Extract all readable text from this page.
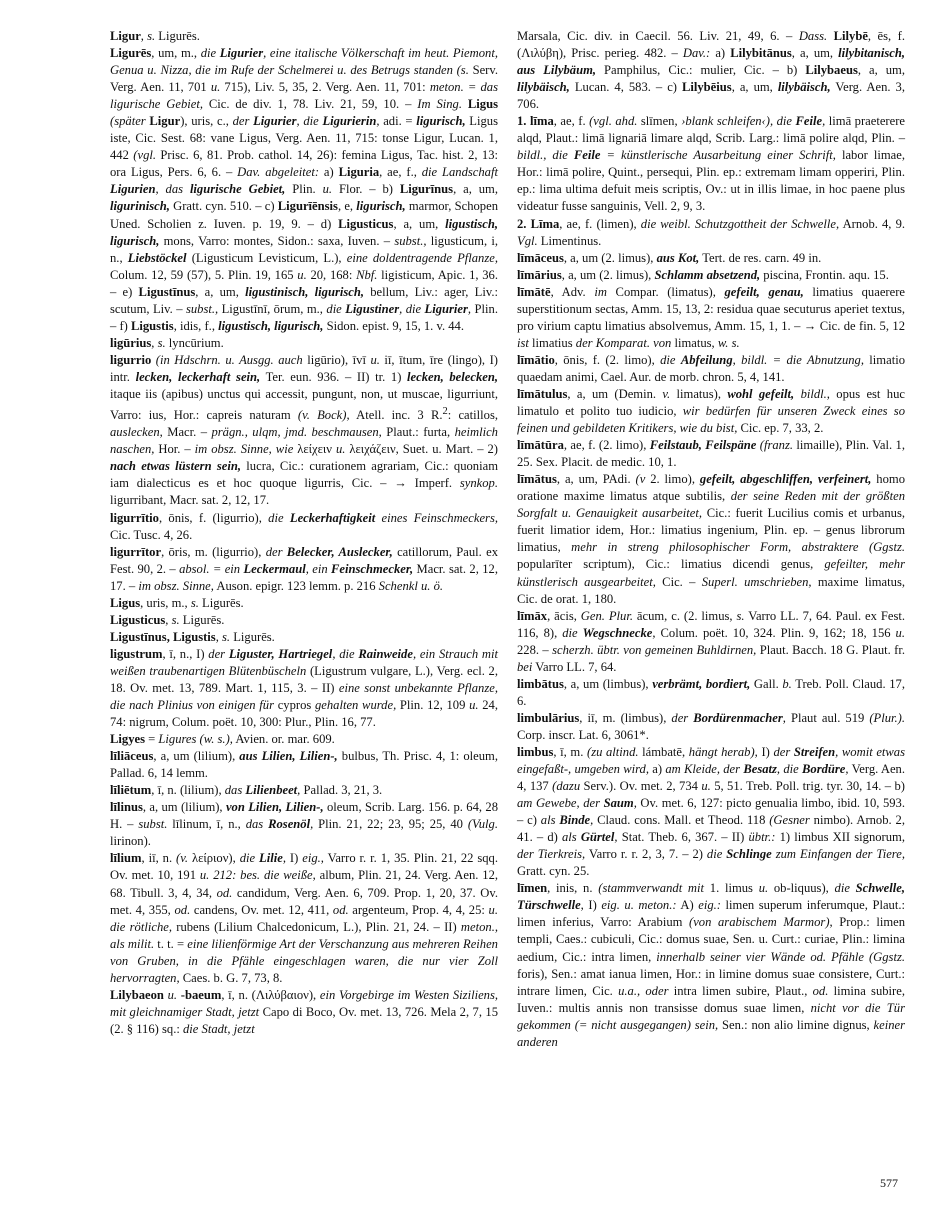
Ligur, s. Ligurēs.

Ligurēs, um, m., die Ligurier, eine italische Völkerschaft im heut. Piemont, Genua u. Nizza, die im Rufe der Schelmerei u. des Betrugs standen (s. Serv. Verg. Aen. 11, 701 u. 715), Liv. 5, 35, 2. Verg. Aen. 11, 701: meton. = das ligurische Gebiet, Cic. de div. 1, 78. Liv. 21, 59, 10. – Im Sing. Ligus (später Ligur), uris, c., der Ligurier, die Ligurierin, adi. = ligurisch, Ligus iste, Cic. Sest. 68: vane Ligus, Verg. Aen. 11, 715: tonse Ligur, Lucan. 1, 442 (vgl. Prisc. 6, 81. Prob. cathol. 14, 26): femina Ligus, Tac. hist. 2, 13: ora Ligus, Pers. 6, 6. – Dav. abgeleitet: a) Liguria, ae, f., die Landschaft Ligurien, das ligurische Gebiet, Plin. u. Flor. – b) Ligurīnus, a, um, ligurinisch, Gratt. cyn. 510. – c) Ligurīēnsis, e, ligurisch, marmor, Schopen Uned. Scholien z. Iuven. p. 19, 9. – d) Ligusticus, a, um, ligustisch, ligurisch, mons, Varro: montes, Sidon.: saxa, Iuven. – subst., ligusticum, i, n., Liebstöckel (Ligusticum Levisticum, L.), eine doldentragende Pflanze, Colum. 12, 59 (57), 5. Plin. 19, 165 u. 20, 168: Nbf. ligisticum, Apic. 1, 36. – e) Ligustīnus, a, um, ligustinisch, ligurisch, bellum, Liv.: ager, Liv.: scutum, Liv. – subst., Ligustīnī, ōrum, m., die Ligustiner, die Ligurier, Plin. – f) Ligustis, idis, f., ligustisch, ligurisch, Sidon. epist. 9, 15, 1. v. 44.

ligūrius, s. lyncūrium.

ligurrio (in Hdschrn. u. Ausgg. auch ligūrio), īvī u. iī, ītum, īre (lingo), I) intr. lecken, leckerhaft sein, Ter. eun. 936. – II) tr. 1) lecken, belecken, itaque iis (apibus) unctus qui accessit, pungunt, non, ut muscae, ligurriunt, Varro: ius, Hor.: capreis naturam (v. Bock), Atell. inc. 3 R.$^2$: catillos, auslecken, Macr. – prägn., ulqm, jmd. beschmausen, Plaut.: furta, heimlich naschen, Hor. – im obsz. Sinne, wie λείχειν u. λειχάζειν, Suet. u. Mart. – 2) nach etwas lüstern sein, lucra, Cic.: curationem agrariam, Cic.: quoniam iam dialecticus es et hoc quoque ligurris, Cic. – → Imperf. synkop. ligurribant, Macr. sat. 2, 12, 17.

ligurrītio, ōnis, f. (ligurrio), die Leckerhaftigkeit eines Feinschmeckers, Cic. Tusc. 4, 26.

ligurrītor, ōris, m. (ligurrio), der Belecker, Auslecker, catillorum, Paul. ex Fest. 90, 2. – absol. = ein Leckermaul, ein Feinschmecker, Macr. sat. 2, 12, 17. – im obsz. Sinne, Auson. epigr. 123 lemm. p. 216 Schenkl u. ö.

Ligus, uris, m., s. Ligurēs.

Ligusticus, s. Ligurēs.

Ligustīnus, Ligustis, s. Ligurēs.

ligustrum, ī, n., I) der Liguster, Hartriegel, die Rainweide, ein Strauch mit weißen traubenartigen Blütenbüscheln (Ligustrum vulgare, L.), Verg. ecl. 2, 18. Ov. met. 13, 789. Mart. 1, 115, 3. – II) eine sonst unbekannte Pflanze, die nach Plinius von einigen für cypros gehalten wurde, Plin. 12, 109 u. 24, 74: nigrum, Colum. poët. 10, 300: Plur., Plin. 16, 77.

Ligyes = Ligures (w. s.), Avien. or. mar. 609.

līliāceus, a, um (lilium), aus Lilien, Lilien-, bulbus, Th. Prisc. 4, 1: oleum, Pallad. 6, 14 lemm.

līliētum, ī, n. (lilium), das Lilienbeet, Pallad. 3, 21, 3.

līlinus, a, um (lilium), von Lilien, Lilien-, oleum, Scrib. Larg. 156. p. 64, 28 H. – subst. līlinum, ī, n., das Rosenöl, Plin. 21, 22; 23, 95; 25, 40 (Vulg. lirinon).

līlium, iī, n. (v. λείριον), die Lilie, I) eig., Varro r. r. 1, 35. Plin. 21, 22 sqq. Ov. met. 10, 191 u. 212: bes. die weiße, album, Plin. 21, 24. Verg. Aen. 12, 68. Tibull. 3, 4, 34, od. candidum, Verg. Aen. 6, 709. Prop. 1, 20, 37. Ov. met. 4, 355, od. candens, Ov. met. 12, 411, od. argenteum, Prop. 4, 4, 25: u. die rötliche, rubens (Lilium Chalcedonicum, L.), Plin. 21, 24. – II) meton., als milit. t. t. = eine lilienförmige Art der Verschanzung aus mehreren Reihen von Gruben, in die Pfähle eingeschlagen waren, die nur vier Zoll hervorragten, Caes. b. G. 7, 73, 8.

Lilybaeon u. -baeum, ī, n. (Λιλύβαιον), ein Vorgebirge im Westen Siziliens, mit gleichnamiger Stadt, jetzt Capo di Boco, Ov. met. 13, 726. Mela 2, 7, 15 (2. § 116) sq.: die Stadt, jetzt

Marsala, Cic. div. in Caecil. 56. Liv. 21, 49, 6. – Dass. Lilybē, ēs, f. (Λιλύβη), Prisc. perieg. 482. – Dav.: a) Lilybitānus, a, um, lilybitanisch, aus Lilybäum, Pamphilus, Cic.: mulier, Cic. – b) Lilybaeus, a, um, lilybäisch, Lucan. 4, 583. – c) Lilybēius, a, um, lilybäisch, Verg. Aen. 3, 706.

1. līma, ae, f. (vgl. ahd. slīmen, ›blank schleifen‹), die Feile, limā praeterere alqd, Plaut.: limā lignariā limare alqd, Scrib. Larg.: limā polire alqd, Plin. – bildl., die Feile = künstlerische Ausarbeitung einer Schrift, labor limae, Hor.: limā polire, Quint., persequi, Plin. ep.: extremam limam opperiri, Plin. ep.: lima ultima defuit meis scriptis, Ov.: ut in illis limae, in hoc paene plus videatur fusse sanguinis, Vell. 2, 9, 3.

2. Līma, ae, f. (limen), die weibl. Schutzgottheit der Schwelle, Arnob. 4, 9. Vgl. Limentinus.

līmāceus, a, um (2. limus), aus Kot, Tert. de res. carn. 49 in.

līmārius, a, um (2. limus), Schlamm absetzend, piscina, Frontin. aqu. 15.

līmātē, Adv. im Compar. (limatus), gefeilt, genau, limatius quaerere superstitionum sectas, Amm. 15, 13, 2: residua quae secuturus aperiet textus, pro virium captu limatius absolvemus, Amm. 15, 1, 1. – → Cic. de fin. 5, 12 ist limatius der Komparat. von limatus, w. s.

līmātio, ōnis, f. (2. limo), die Abfeilung, bildl. = die Abnutzung, limatio quaedam animi, Cael. Aur. de morb. chron. 5, 4, 141.

līmātulus, a, um (Demin. v. limatus), wohl gefeilt, bildl., opus est huc limatulo et polito tuo iudicio, wir bedürfen für unseren Zweck eines so feinen und gebildeten Kritikers, wie du bist, Cic. ep. 7, 33, 2.

līmātūra, ae, f. (2. limo), Feilstaub, Feilspäne (franz. limaille), Plin. Val. 1, 25. Sex. Placit. de medic. 10, 1.

līmātus, a, um, PAdi. (v 2. limo), gefeilt, abgeschliffen, verfeinert, homo oratione maxime limatus atque subtilis, der seine Reden mit der größten Sorgfalt u. Genauigkeit ausarbeitet, Cic.: fuerit Lucilius comis et urbanus, fuerit limatior idem, Hor.: limatius ingenium, Plin. ep. – genus librorum limatius, mehr in streng philosophischer Form, abstraktere (Ggstz. popularīter scriptum), Cic.: limatius dicendi genus, gefeilter, mehr künstlerisch ausgearbeitet, Cic. – Superl. umschrieben, maxime limatus, Cic. de orat. 1, 180.

līmāx, ācis, Gen. Plur. ācum, c. (2. limus, s. Varro LL. 7, 64. Paul. ex Fest. 116, 8), die Wegschnecke, Colum. poët. 10, 324. Plin. 9, 162; 18, 156 u. 228. – scherzh. übtr. von gemeinen Buhldirnen, Plaut. Bacch. 18 G. Plaut. fr. bei Varro LL. 7, 64.

limbātus, a, um (limbus), verbrämt, bordiert, Gall. b. Treb. Poll. Claud. 17, 6.

limbulārius, iī, m. (limbus), der Bordürenmacher, Plaut aul. 519 (Plur.). Corp. inscr. Lat. 6, 3061*.

limbus, ī, m. (zu altind. lámbatē, hängt herab), I) der Streifen, womit etwas eingefaßt-, umgeben wird, a) am Kleide, der Besatz, die Bordüre, Verg. Aen. 4, 137 (dazu Serv.). Ov. met. 2, 734 u. 5, 51. Treb. Poll. trig. tyr. 30, 14. – b) am Gewebe, der Saum, Ov. met. 6, 127: picto genualia limbo, ibid. 10, 593. – c) als Binde, Claud. cons. Mall. et Theod. 118 (Gesner nimbo). Arnob. 2, 41. – d) als Gürtel, Stat. Theb. 6, 367. – II) übtr.: 1) limbus XII signorum, der Tierkreis, Varro r. r. 2, 3, 7. – 2) die Schlinge zum Einfangen der Tiere, Gratt. cyn. 25.

līmen, inis, n. (stammverwandt mit 1. limus u. ob-liquus), die Schwelle, Türschwelle, I) eig. u. meton.: A) eig.: limen superum inferumque, Plaut.: limen inferius, Varro: Arabium (von arabischem Marmor), Prop.: limen templi, Caes.: cubiculi, Cic.: domus suae, Sen. u. Curt.: curiae, Plin.: limina aedium, Cic.: intra limen, innerhalb seiner vier Wände od. Pfähle (Ggstz. foris), Sen.: amat ianua limen, Hor.: in limine domus suae consistere, Curt.: intrare limen, Cic. u.a., oder intra limen subire, Plaut., od. limina subire, Iuven.: multis annis non transisse domus suae limen, nicht vor die Tür gekommen (= nicht ausgegangen) sein, Sen.: non alio limine dignus, keiner anderen

577
